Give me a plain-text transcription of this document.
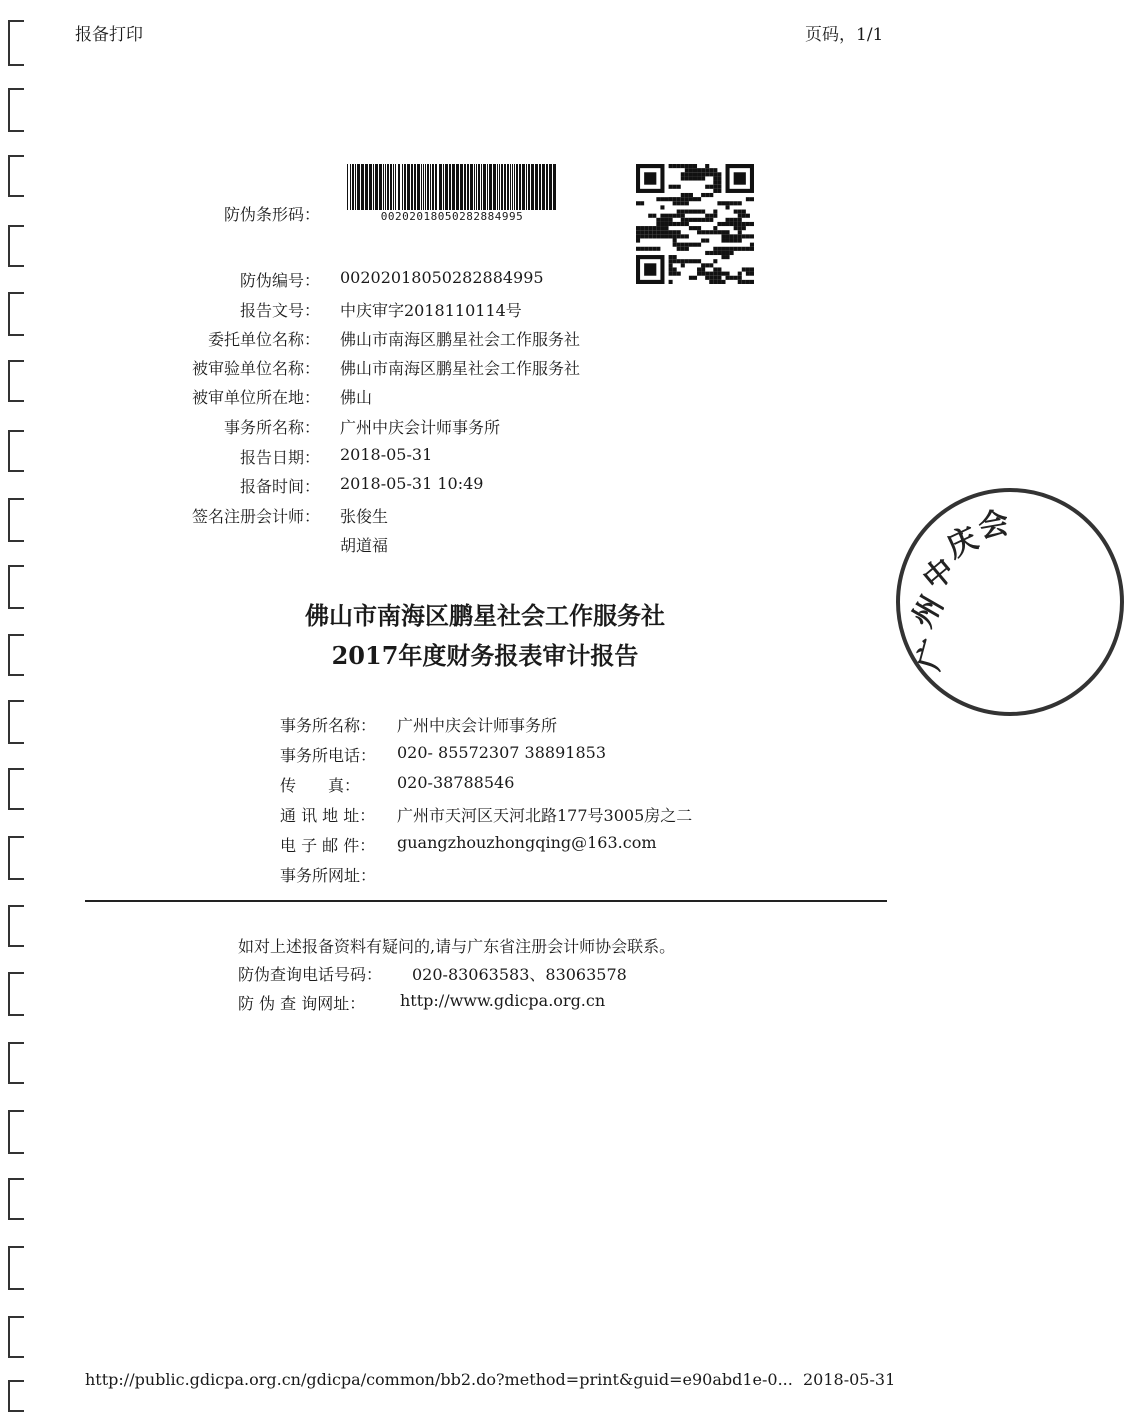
报备打印	页码，1/1
防伪条形码：	00202018050282884995
防伪编号： 00202018050282884995
报告文号： 中庆审字2018110114号
委托单位名称： 佛山市南海区鹏星社会工作服务社
被审验单位名称： 佛山市南海区鹏星社会工作服务社
被审单位所在地： 佛山
事务所名称： 广州中庆会计师事务所
报告日期： 2018-05-31
报备时间： 2018-05-31 10:49
签名注册会计师： 张俊生
胡道福
佛山市南海区鹏星社会工作服务社
2017年度财务报表审计报告
事务所名称： 广州中庆会计师事务所
事务所电话： 020- 85572307 38891853
传　　真： 020-38788546
通 讯 地 址： 广州市天河区天河北路177号3005房之二
电 子 邮 件： guangzhouzhongqing@163.com
事务所网址：
如对上述报备资料有疑问的,请与广东省注册会计师协会联系。
防伪查询电话号码： 020-83063583、83063578
防 伪 查 询网址： http://www.gdicpa.org.cn
广
州
中
庆
会
http://public.gdicpa.org.cn/gdicpa/common/bb2.do?method=print&guid=e90abd1e-0... 2018-05-31
